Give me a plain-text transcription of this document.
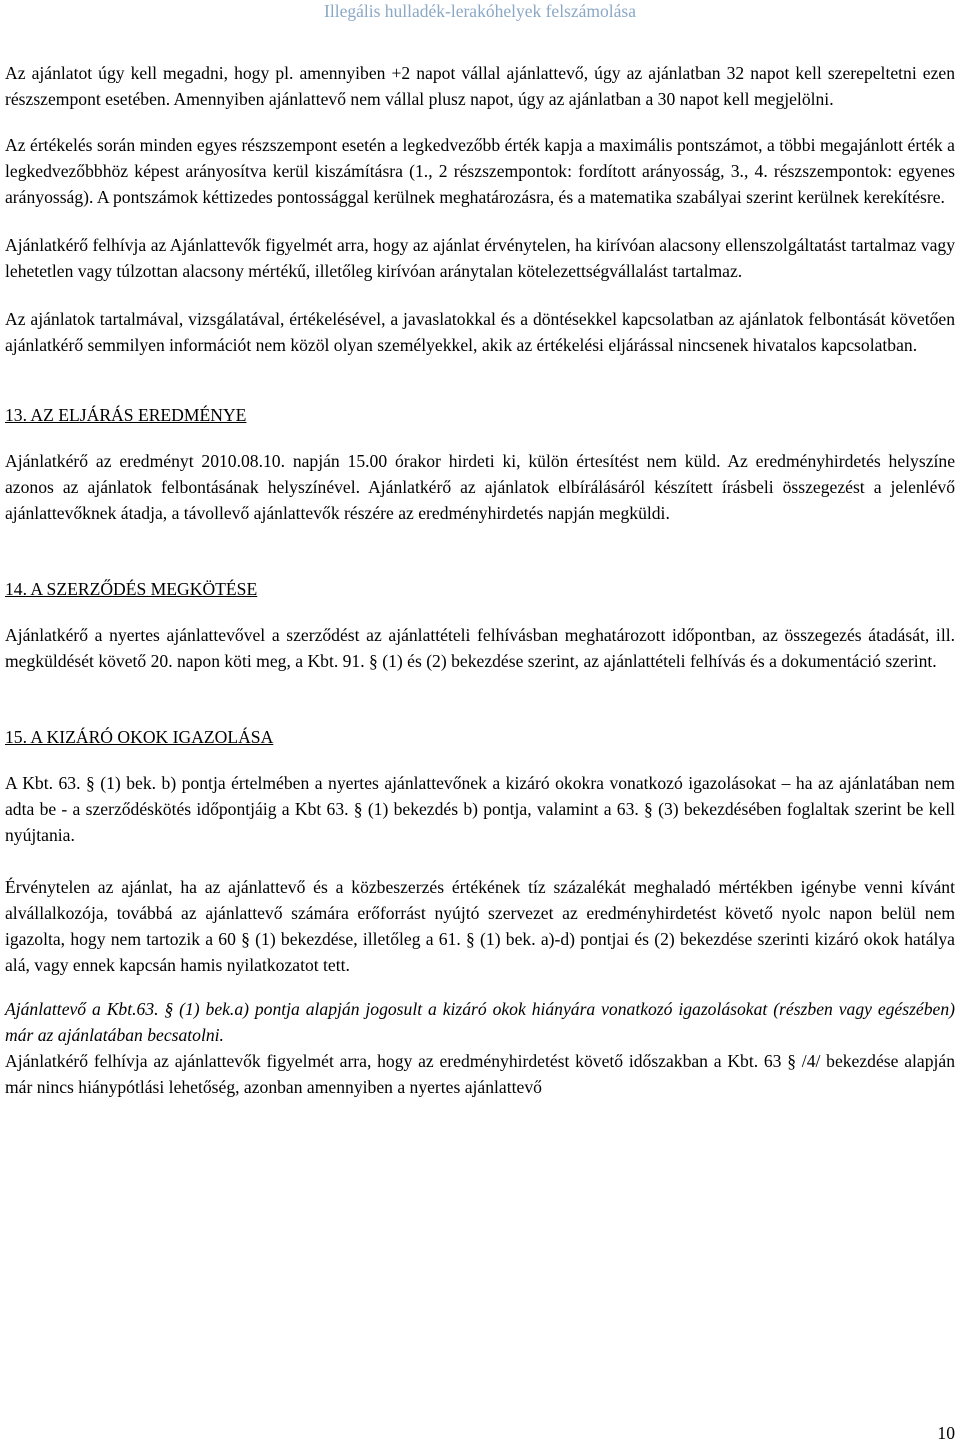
Illegális hulladék-lerakóhelyek felszámolása

Az ajánlatot úgy kell megadni, hogy pl. amennyiben +2 napot vállal ajánlattevő, úgy az ajánlatban 32 napot kell szerepeltetni ezen részszempont esetében. Amennyiben ajánlattevő nem vállal plusz napot, úgy az ajánlatban a 30 napot kell megjelölni.

Az értékelés során minden egyes részszempont esetén a legkedvezőbb érték kapja a maximális pontszámot, a többi megajánlott érték a legkedvezőbbhöz képest arányosítva kerül kiszámításra (1., 2 részszempontok: fordított arányosság, 3., 4. részszempontok: egyenes arányosság). A pontszámok kéttizedes pontossággal kerülnek meghatározásra, és a matematika szabályai szerint kerülnek kerekítésre.

Ajánlatkérő felhívja az Ajánlattevők figyelmét arra, hogy az ajánlat érvénytelen, ha kirívóan alacsony ellenszolgáltatást tartalmaz vagy lehetetlen vagy túlzottan alacsony mértékű, illetőleg kirívóan aránytalan kötelezettségvállalást tartalmaz.

Az ajánlatok tartalmával, vizsgálatával, értékelésével, a javaslatokkal és a döntésekkel kapcsolatban az ajánlatok felbontását követően ajánlatkérő semmilyen információt nem közöl olyan személyekkel, akik az értékelési eljárással nincsenek hivatalos kapcsolatban.

13. AZ ELJÁRÁS EREDMÉNYE

Ajánlatkérő az eredményt 2010.08.10. napján 15.00 órakor hirdeti ki, külön értesítést nem küld. Az eredményhirdetés helyszíne azonos az ajánlatok felbontásának helyszínével. Ajánlatkérő az ajánlatok elbírálásáról készített írásbeli összegezést a jelenlévő ajánlattevőknek átadja, a távollevő ajánlattevők részére az eredményhirdetés napján megküldi.

14. A SZERZŐDÉS MEGKÖTÉSE

Ajánlatkérő a nyertes ajánlattevővel a szerződést az ajánlattételi felhívásban meghatározott időpontban, az összegezés átadását, ill. megküldését követő 20. napon köti meg, a Kbt. 91. § (1) és (2) bekezdése szerint, az ajánlattételi felhívás és a dokumentáció szerint.

15. A KIZÁRÓ OKOK IGAZOLÁSA

A Kbt. 63. § (1) bek. b) pontja értelmében a nyertes ajánlattevőnek a kizáró okokra vonatkozó igazolásokat – ha az ajánlatában nem adta be - a szerződéskötés időpontjáig a Kbt 63. § (1) bekezdés b) pontja, valamint a 63. § (3) bekezdésében foglaltak szerint be kell nyújtania.

Érvénytelen az ajánlat, ha az ajánlattevő és a közbeszerzés értékének tíz százalékát meghaladó mértékben igénybe venni kívánt alvállalkozója, továbbá az ajánlattevő számára erőforrást nyújtó szervezet az eredményhirdetést követő nyolc napon belül nem igazolta, hogy nem tartozik a 60 § (1) bekezdése, illetőleg a 61. § (1) bek. a)-d) pontjai és (2) bekezdése szerinti kizáró okok hatálya alá, vagy ennek kapcsán hamis nyilatkozatot tett.

Ajánlattevő a Kbt.63. § (1) bek.a) pontja alapján jogosult a kizáró okok hiányára vonatkozó igazolásokat (részben vagy egészében) már az ajánlatában becsatolni.

Ajánlatkérő felhívja az ajánlattevők figyelmét arra, hogy az eredményhirdetést követő időszakban a Kbt. 63 § /4/ bekezdése alapján már nincs hiánypótlási lehetőség, azonban amennyiben a nyertes ajánlattevő

10
